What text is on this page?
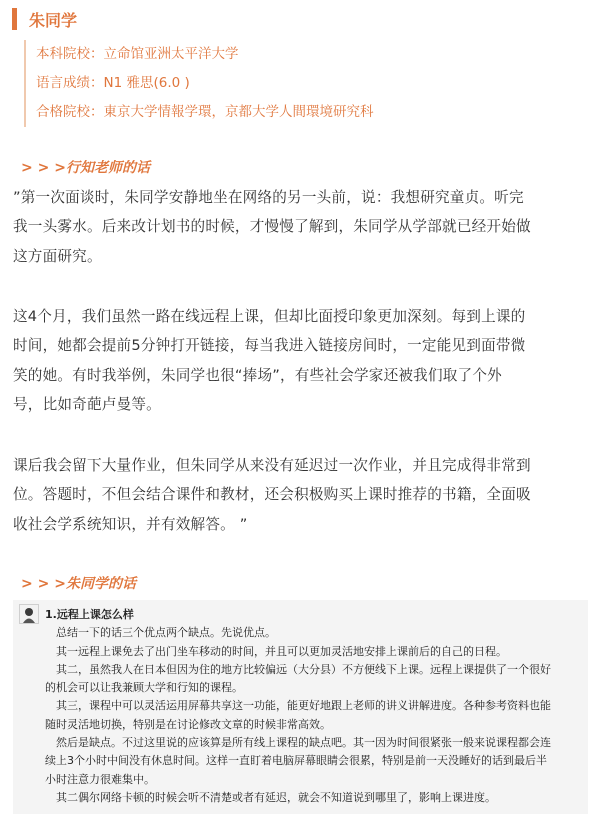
朱同学
本科院校：立命馆亚洲太平洋大学
语言成绩：N1 雅思(6.0 )
合格院校：東京大学情報学環，京都大学人間環境研究科
> > >行知老师的话
”第一次面谈时，朱同学安静地坐在网络的另一头前，说：我想研究童贞。听完
我一头雾水。后来改计划书的时候，才慢慢了解到，朱同学从学部就已经开始做
这方面研究。
这4个月，我们虽然一路在线远程上课，但却比面授印象更加深刻。每到上课的
时间，她都会提前5分钟打开链接，每当我进入链接房间时，一定能见到面带微
笑的她。有时我举例，朱同学也很“捧场”，有些社会学家还被我们取了个外
号，比如奇葩卢曼等。
课后我会留下大量作业，但朱同学从来没有延迟过一次作业，并且完成得非常到
位。答题时，不但会结合课件和教材，还会积极购买上课时推荐的书籍，全面吸
收社会学系统知识，并有效解答。 ”
> > >朱同学的话
1.远程上课怎么样
总结一下的话三个优点两个缺点。先说优点。
其一远程上课免去了出门坐车移动的时间，并且可以更加灵活地安排上课前后的自己的日程。
其二，虽然我人在日本但因为住的地方比较偏远（大分县）不方便线下上课。远程上课提供了一个很好
的机会可以让我兼顾大学和行知的课程。
其三，课程中可以灵活运用屏幕共享这一功能，能更好地跟上老师的讲义讲解进度。各种参考资料也能
随时灵活地切换，特别是在讨论修改文章的时候非常高效。
然后是缺点。不过这里说的应该算是所有线上课程的缺点吧。其一因为时间很紧张一般来说课程都会连
续上3个小时中间没有休息时间。这样一直盯着电脑屏幕眼睛会很累，特别是前一天没睡好的话到最后半
小时注意力很难集中。
其二偶尔网络卡顿的时候会听不清楚或者有延迟，就会不知道说到哪里了，影响上课进度。
